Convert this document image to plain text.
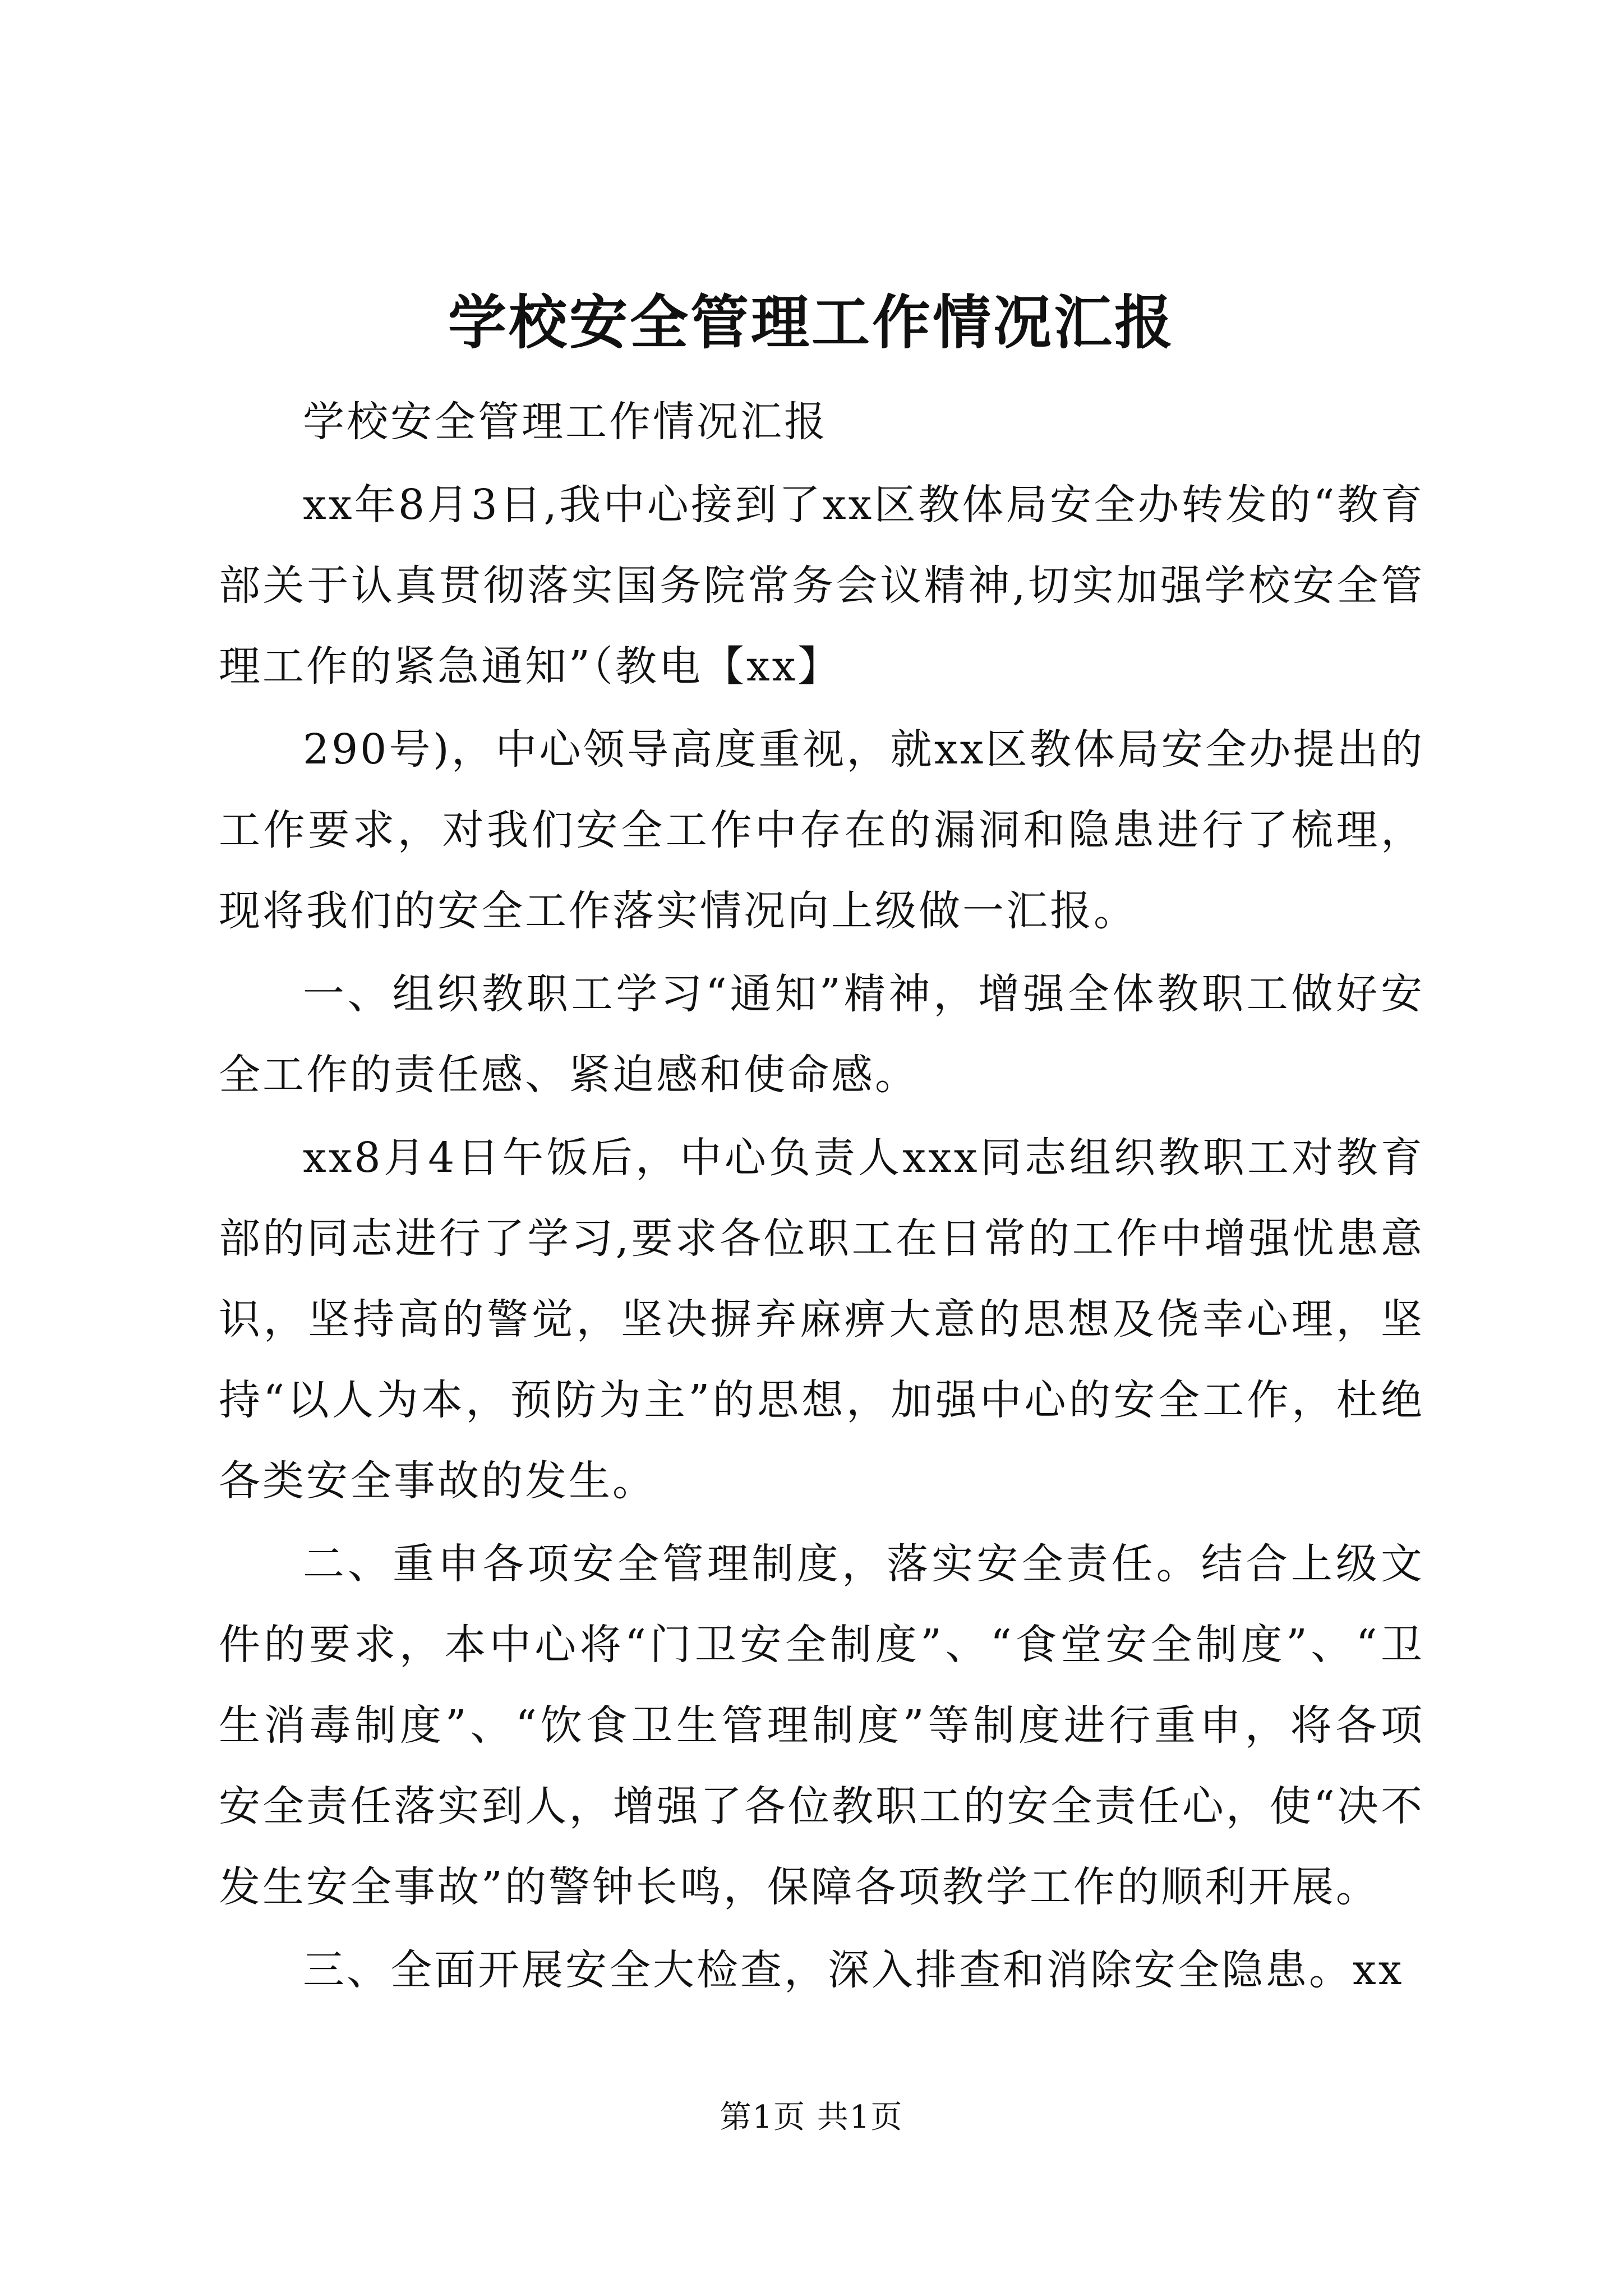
学校安全管理工作情况汇报

学校安全管理工作情况汇报

xx年8月3日,我中心接到了xx区教体局安全办转发的“教育部关于认真贯彻落实国务院常务会议精神,切实加强学校安全管理工作的紧急通知”（教电【xx】

290号)，中心领导高度重视，就xx区教体局安全办提出的工作要求，对我们安全工作中存在的漏洞和隐患进行了梳理，现将我们的安全工作落实情况向上级做一汇报。

一、组织教职工学习“通知”精神，增强全体教职工做好安全工作的责任感、紧迫感和使命感。

xx8月4日午饭后，中心负责人xxx同志组织教职工对教育部的同志进行了学习,要求各位职工在日常的工作中增强忧患意识，坚持高的警觉，坚决摒弃麻痹大意的思想及侥幸心理，坚持“以人为本，预防为主”的思想，加强中心的安全工作，杜绝各类安全事故的发生。

二、重申各项安全管理制度，落实安全责任。结合上级文件的要求，本中心将“门卫安全制度”、“食堂安全制度”、“卫生消毒制度”、“饮食卫生管理制度”等制度进行重申，将各项安全责任落实到人，增强了各位教职工的安全责任心，使“决不发生安全事故”的警钟长鸣，保障各项教学工作的顺利开展。

三、全面开展安全大检查，深入排查和消除安全隐患。xx

第1页 共1页
